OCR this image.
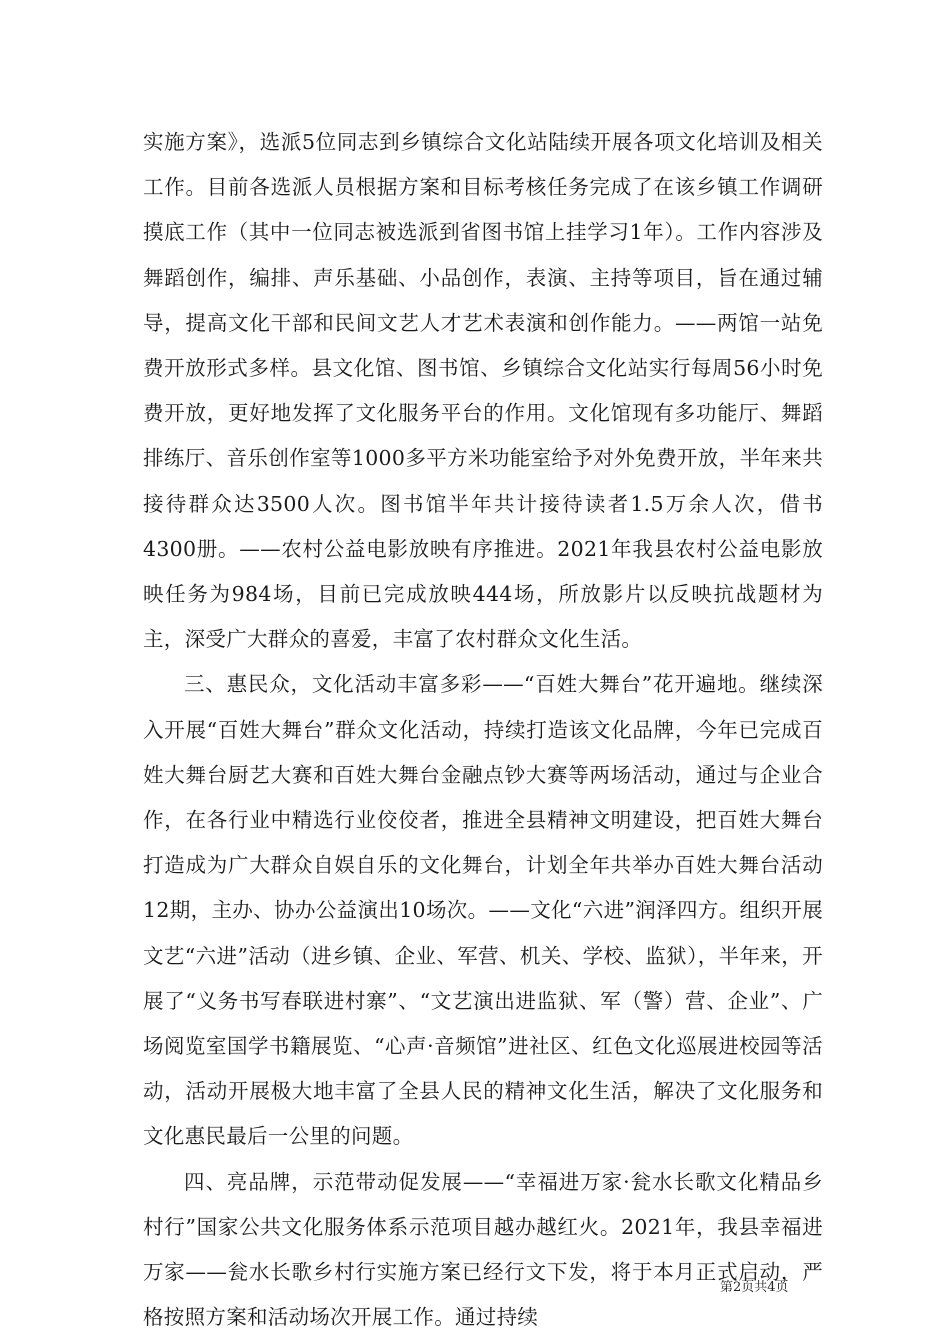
实施方案》，选派5位同志到乡镇综合文化站陆续开展各项文化培训及相关工作。目前各选派人员根据方案和目标考核任务完成了在该乡镇工作调研摸底工作（其中一位同志被选派到省图书馆上挂学习1年）。工作内容涉及舞蹈创作，编排、声乐基础、小品创作，表演、主持等项目，旨在通过辅导，提高文化干部和民间文艺人才艺术表演和创作能力。——两馆一站免费开放形式多样。县文化馆、图书馆、乡镇综合文化站实行每周56小时免费开放，更好地发挥了文化服务平台的作用。文化馆现有多功能厅、舞蹈排练厅、音乐创作室等1000多平方米功能室给予对外免费开放，半年来共接待群众达3500人次。图书馆半年共计接待读者1.5万余人次，借书4300册。——农村公益电影放映有序推进。2021年我县农村公益电影放映任务为984场，目前已完成放映444场，所放影片以反映抗战题材为主，深受广大群众的喜爱，丰富了农村群众文化生活。

三、惠民众，文化活动丰富多彩——“百姓大舞台”花开遍地。继续深入开展“百姓大舞台”群众文化活动，持续打造该文化品牌，今年已完成百姓大舞台厨艺大赛和百姓大舞台金融点钞大赛等两场活动，通过与企业合作，在各行业中精选行业佼佼者，推进全县精神文明建设，把百姓大舞台打造成为广大群众自娱自乐的文化舞台，计划全年共举办百姓大舞台活动12期，主办、协办公益演出10场次。——文化“六进”润泽四方。组织开展文艺“六进”活动（进乡镇、企业、军营、机关、学校、监狱），半年来，开展了“义务书写春联进村寨”、“文艺演出进监狱、军（警）营、企业”、广场阅览室国学书籍展览、“心声·音频馆”进社区、红色文化巡展进校园等活动，活动开展极大地丰富了全县人民的精神文化生活，解决了文化服务和文化惠民最后一公里的问题。

四、亮品牌，示范带动促发展——“幸福进万家·瓮水长歌文化精品乡村行”国家公共文化服务体系示范项目越办越红火。2021年，我县幸福进万家——瓮水长歌乡村行实施方案已经行文下发，将于本月正式启动，严格按照方案和活动场次开展工作。通过持续

第2页共4页
